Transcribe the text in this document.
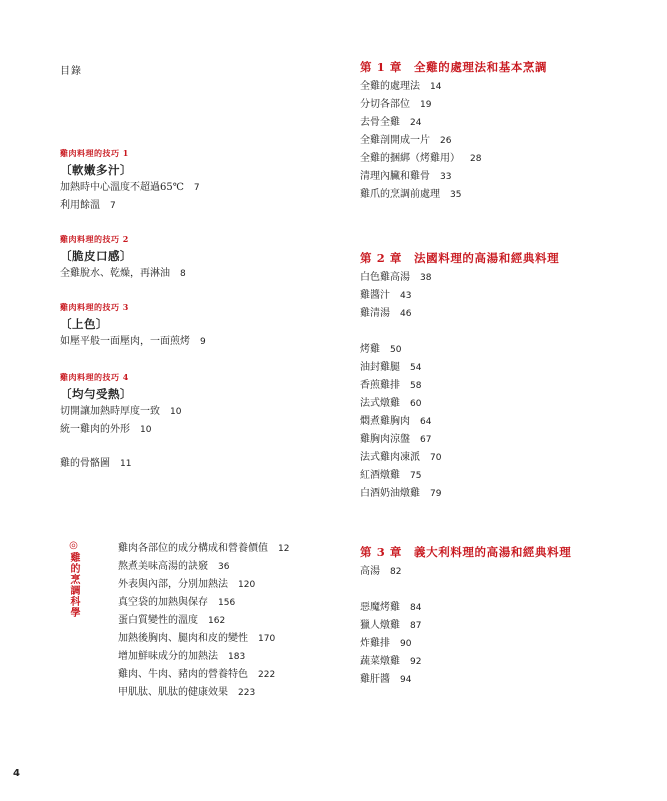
目錄
雞肉料理的技巧 1
〔軟嫩多汁〕
加熱時中心溫度不超過65℃ 7
利用餘溫 7
雞肉料理的技巧 2
〔脆皮口感〕
全雞脫水、乾燥，再淋油 8
雞肉料理的技巧 3
〔上色〕
如壓平般一面壓肉，一面煎烤 9
雞肉料理的技巧 4
〔均勻受熱〕
切開讓加熱時厚度一致 10
統一雞肉的外形 10
雞的骨骼圖 11
◎雞的烹調科學	雞肉各部位的成分構成和營養價值 12
熬煮美味高湯的訣竅 36
外表與內部，分別加熱法 120
真空袋的加熱與保存 156
蛋白質變性的溫度 162
加熱後胸肉、腿肉和皮的變性 170
增加鮮味成分的加熱法 183
雞肉、牛肉、豬肉的營養特色 222
甲肌肽、肌肽的健康效果 223
第 1 章 全雞的處理法和基本烹調
全雞的處理法 14
分切各部位 19
去骨全雞 24
全雞剖開成一片 26
全雞的捆綁（烤雞用） 28
清理內臟和雞骨 33
雞爪的烹調前處理 35
第 2 章 法國料理的高湯和經典料理
白色雞高湯 38
雞醬汁 43
雞清湯 46
烤雞 50
油封雞腿 54
香煎雞排 58
法式燉雞 60
燜煮雞胸肉 64
雞胸肉涼盤 67
法式雞肉凍派 70
紅酒燉雞 75
白酒奶油燉雞 79
第 3 章 義大利料理的高湯和經典料理
高湯 82
惡魔烤雞 84
獵人燉雞 87
炸雞排 90
蔬菜燉雞 92
雞肝醬 94
4
